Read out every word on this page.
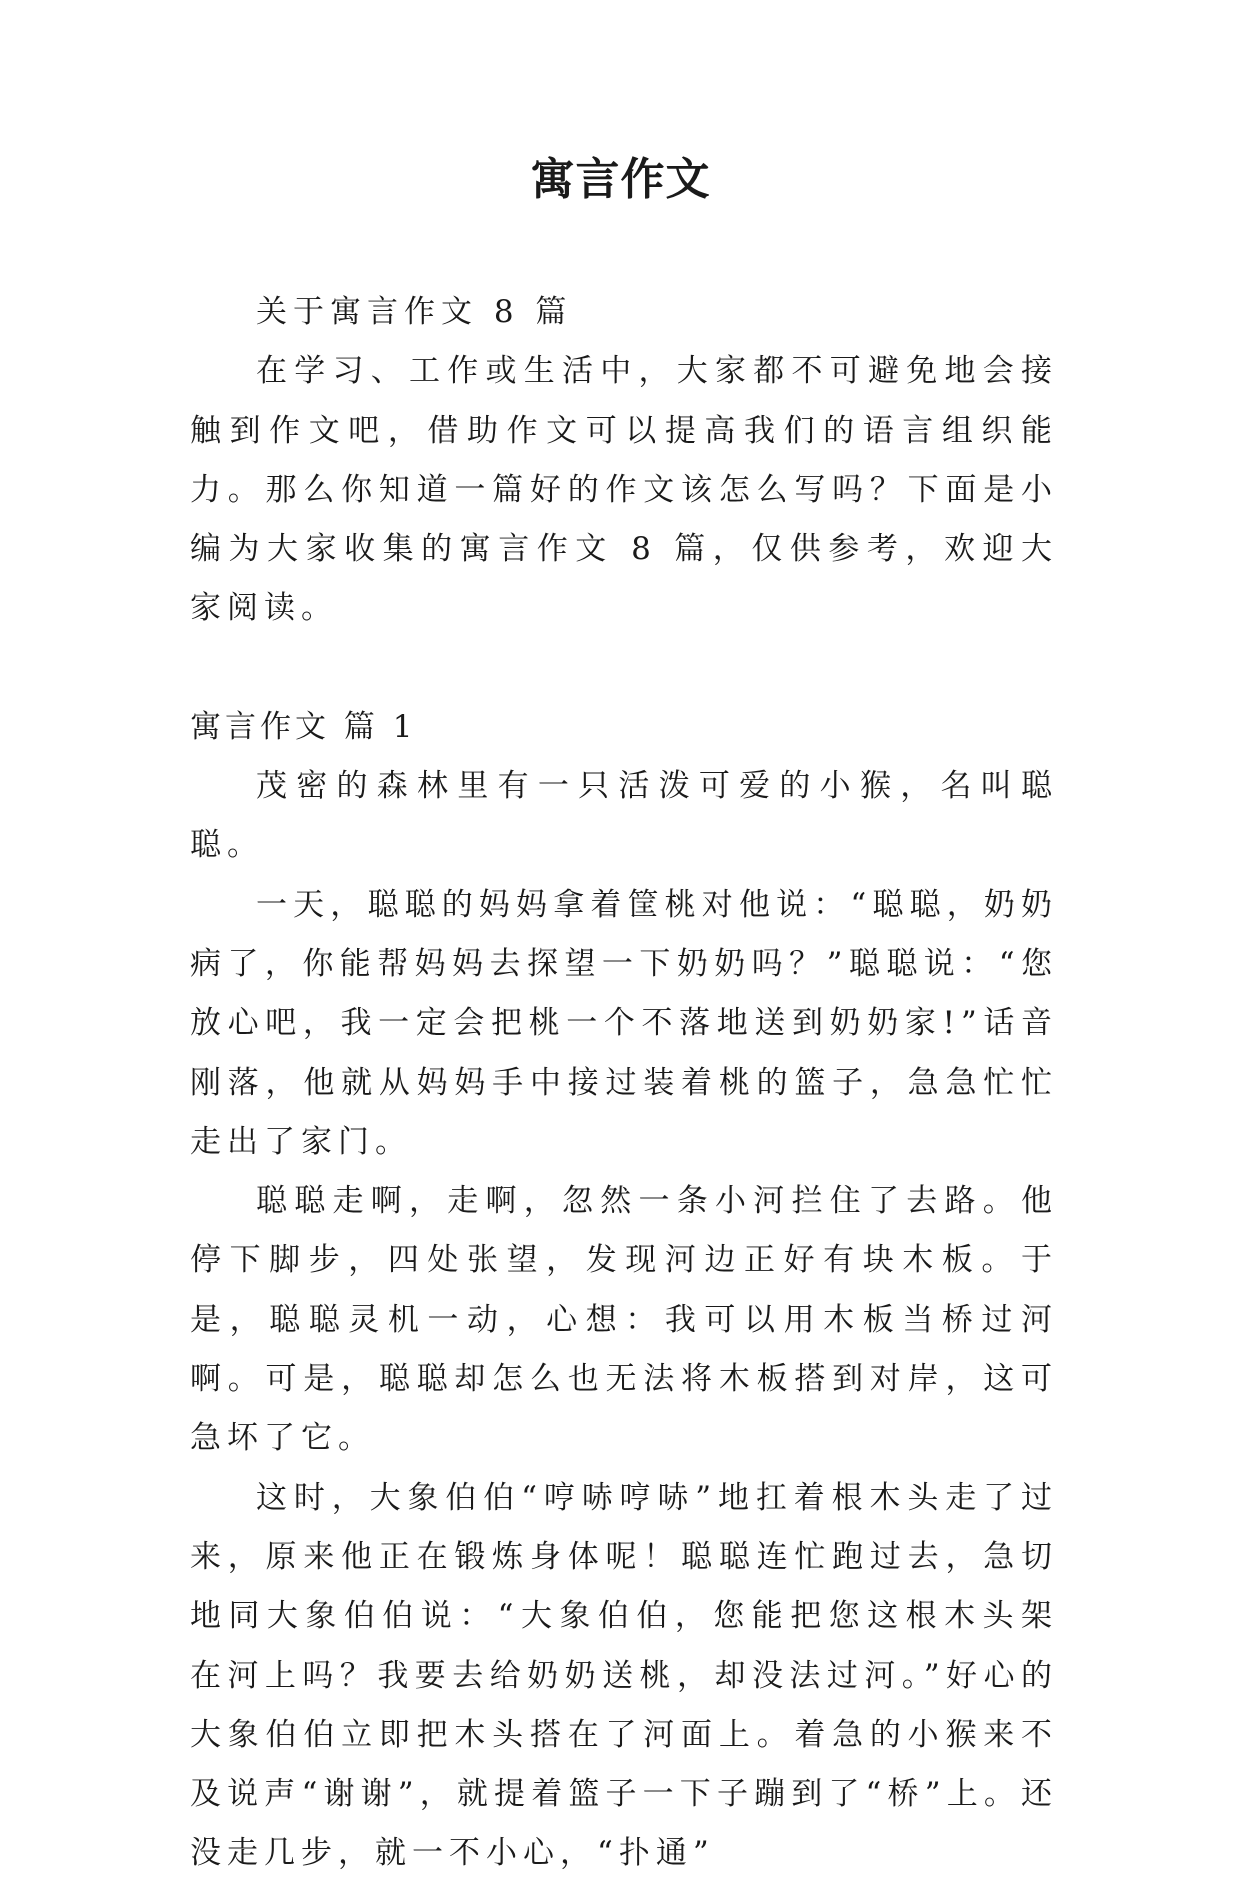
寓言作文

关于寓言作文 8 篇

在学习、工作或生活中，大家都不可避免地会接触到作文吧，借助作文可以提高我们的语言组织能力。那么你知道一篇好的作文该怎么写吗？下面是小编为大家收集的寓言作文 8 篇，仅供参考，欢迎大家阅读。

寓言作文 篇 1

茂密的森林里有一只活泼可爱的小猴，名叫聪聪。

一天，聪聪的妈妈拿着筐桃对他说：“聪聪，奶奶病了，你能帮妈妈去探望一下奶奶吗？”聪聪说：“您放心吧，我一定会把桃一个不落地送到奶奶家!”话音刚落，他就从妈妈手中接过装着桃的篮子，急急忙忙走出了家门。

聪聪走啊，走啊，忽然一条小河拦住了去路。他停下脚步，四处张望，发现河边正好有块木板。于是，聪聪灵机一动，心想：我可以用木板当桥过河啊。可是，聪聪却怎么也无法将木板搭到对岸，这可急坏了它。

这时，大象伯伯“哼哧哼哧”地扛着根木头走了过来，原来他正在锻炼身体呢！聪聪连忙跑过去，急切地同大象伯伯说：“大象伯伯，您能把您这根木头架在河上吗？我要去给奶奶送桃，却没法过河。”好心的大象伯伯立即把木头搭在了河面上。着急的小猴来不及说声“谢谢”，就提着篮子一下子蹦到了“桥”上。还没走几步，就一不小心，“扑通”
